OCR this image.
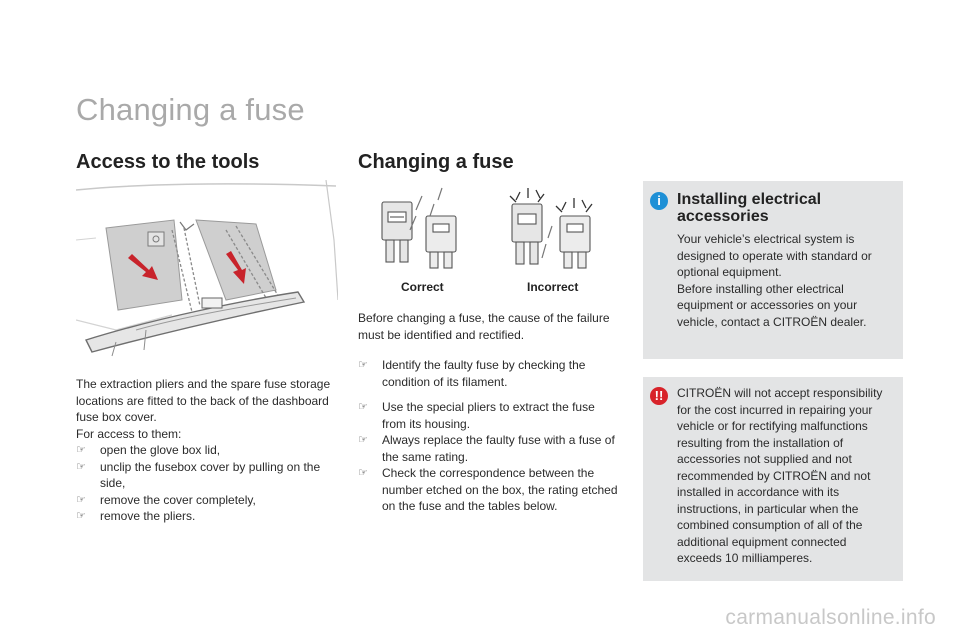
Changing a fuse
Access to the tools

The extraction pliers and the spare fuse storage locations are fitted to the back of the dashboard fuse box cover.

For access to them:

☞ open the glove box lid,
☞ unclip the fusebox cover by pulling on the side,
☞ remove the cover completely,
☞ remove the pliers.
Changing a fuse
Correct	Incorrect

Before changing a fuse, the cause of the failure must be identified and rectified.

☞ Identify the faulty fuse by checking the condition of its filament.
☞ Use the special pliers to extract the fuse from its housing.
☞ Always replace the faulty fuse with a fuse of the same rating.
☞ Check the correspondence between the number etched on the box, the rating etched on the fuse and the tables below.
i	Installing electrical accessories
Your vehicle’s electrical system is designed to operate with standard or optional equipment.
Before installing other electrical equipment or accessories on your vehicle, contact a CITROËN dealer.
!!	CITROËN will not accept responsibility for the cost incurred in repairing your vehicle or for rectifying malfunctions resulting from the installation of accessories not supplied and not recommended by CITROËN and not installed in accordance with its instructions, in particular when the combined consumption of all of the additional equipment connected exceeds 10 milliamperes.
carmanualsonline.info
